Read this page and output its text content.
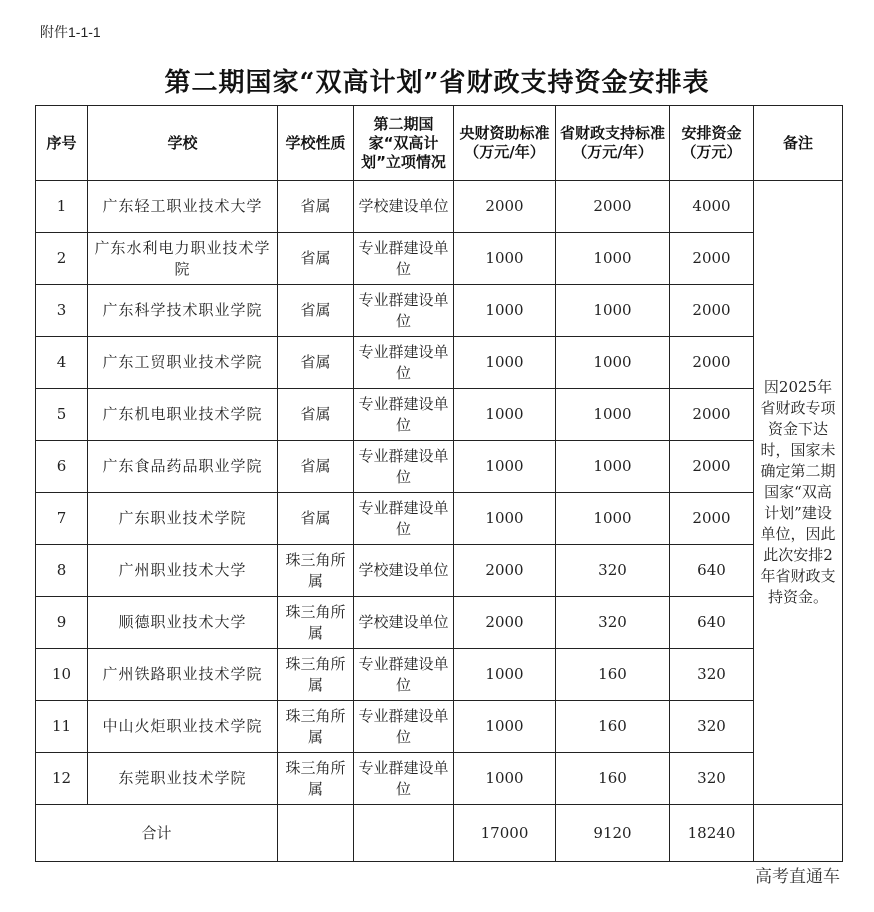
附件1-1-1
第二期国家“双高计划”省财政支持资金安排表
序号	学校	学校性质	第二期国家“双高计划”立项情况	央财资助标准（万元/年）	省财政支持标准（万元/年）	安排资金（万元）	备注
1	广东轻工职业技术大学	省属	学校建设单位	2000	2000	4000	因2025年省财政专项资金下达时，国家未确定第二期国家“双高计划”建设单位，因此此次安排2年省财政支持资金。
2	广东水利电力职业技术学院	省属	专业群建设单位	1000	1000	2000	
3	广东科学技术职业学院	省属	专业群建设单位	1000	1000	2000	
4	广东工贸职业技术学院	省属	专业群建设单位	1000	1000	2000	
5	广东机电职业技术学院	省属	专业群建设单位	1000	1000	2000	
6	广东食品药品职业学院	省属	专业群建设单位	1000	1000	2000	
7	广东职业技术学院	省属	专业群建设单位	1000	1000	2000	
8	广州职业技术大学	珠三角所属	学校建设单位	2000	320	640	
9	顺德职业技术大学	珠三角所属	学校建设单位	2000	320	640	
10	广州铁路职业技术学院	珠三角所属	专业群建设单位	1000	160	320	
11	中山火炬职业技术学院	珠三角所属	专业群建设单位	1000	160	320	
12	东莞职业技术学院	珠三角所属	专业群建设单位	1000	160	320	
合计				17000	9120	18240	
高考直通车
